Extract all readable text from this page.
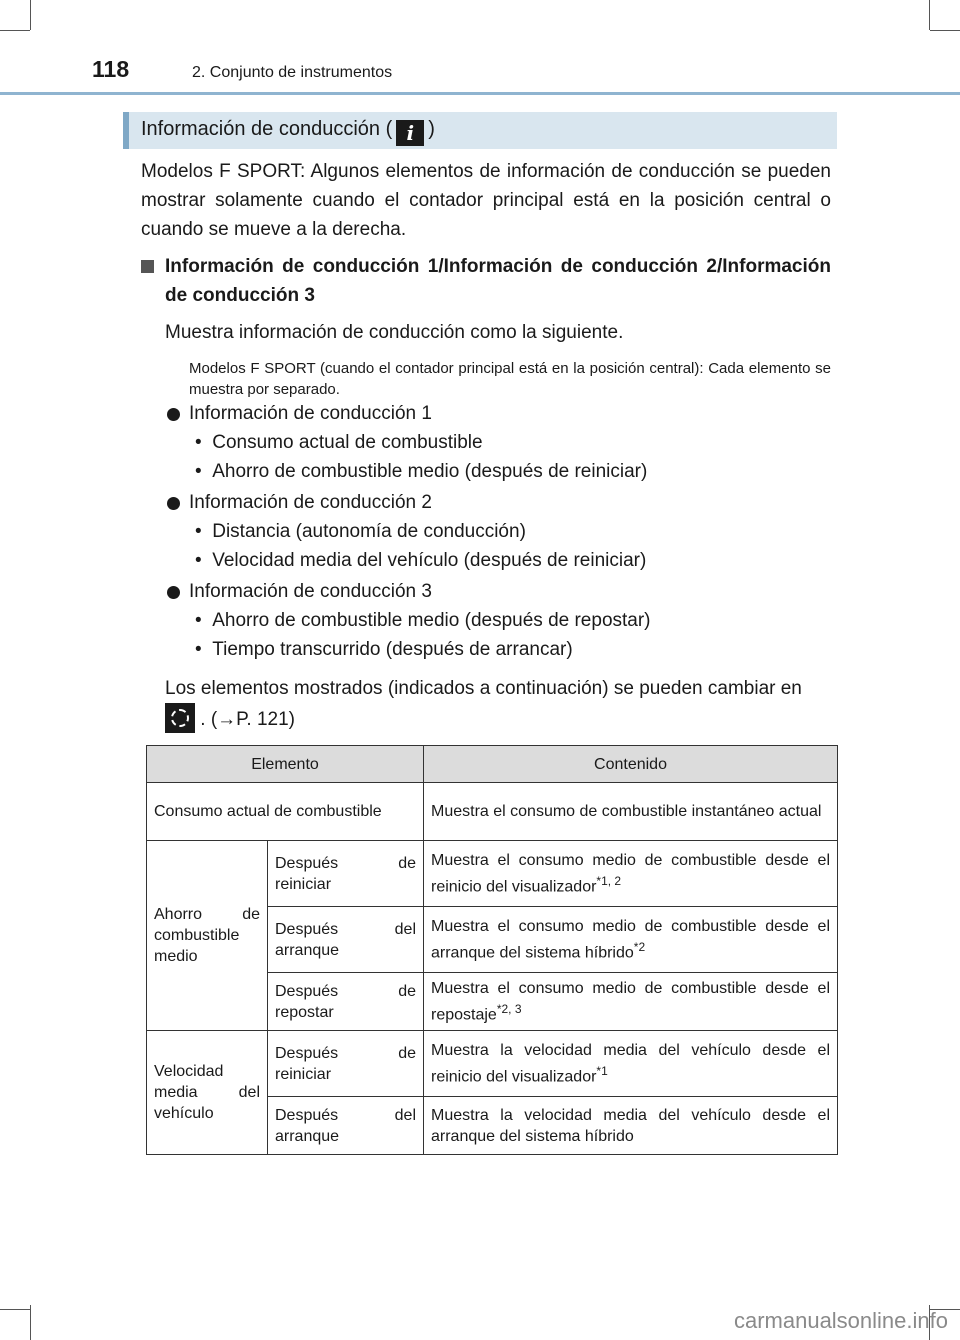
118	2. Conjunto de instrumentos
Información de conducción ( i )
Modelos F SPORT: Algunos elementos de información de conducción se pueden mostrar solamente cuando el contador principal está en la posición central o cuando se mueve a la derecha.
Información de conducción 1/Información de conducción 2/Información de conducción 3
Muestra información de conducción como la siguiente.
Modelos F SPORT (cuando el contador principal está en la posición central): Cada elemento se muestra por separado.
Información de conducción 1
•  Consumo actual de combustible
•  Ahorro de combustible medio (después de reiniciar)
Información de conducción 2
•  Distancia (autonomía de conducción)
•  Velocidad media del vehículo (después de reiniciar)
Información de conducción 3
•  Ahorro de combustible medio (después de repostar)
•  Tiempo transcurrido (después de arrancar)
Los elementos mostrados (indicados a continuación) se pueden cambiar en
. (→P. 121)
Elemento		Contenido
Consumo actual de combustible		Muestra el consumo de combustible instantáneo actual
Ahorro de combustible medio	Después de reiniciar	Muestra el consumo medio de combustible desde el reinicio del visualizador$^{*1, 2}$
	Después del arranque	Muestra el consumo medio de combustible desde el arranque del sistema híbrido$^{*2}$
	Después de repostar	Muestra el consumo medio de combustible desde el repostaje$^{*2, 3}$
Velocidad media del vehículo	Después de reiniciar	Muestra la velocidad media del vehículo desde el reinicio del visualizador$^{*1}$
	Después del arranque	Muestra la velocidad media del vehículo desde el arranque del sistema híbrido
carmanualsonline.info
